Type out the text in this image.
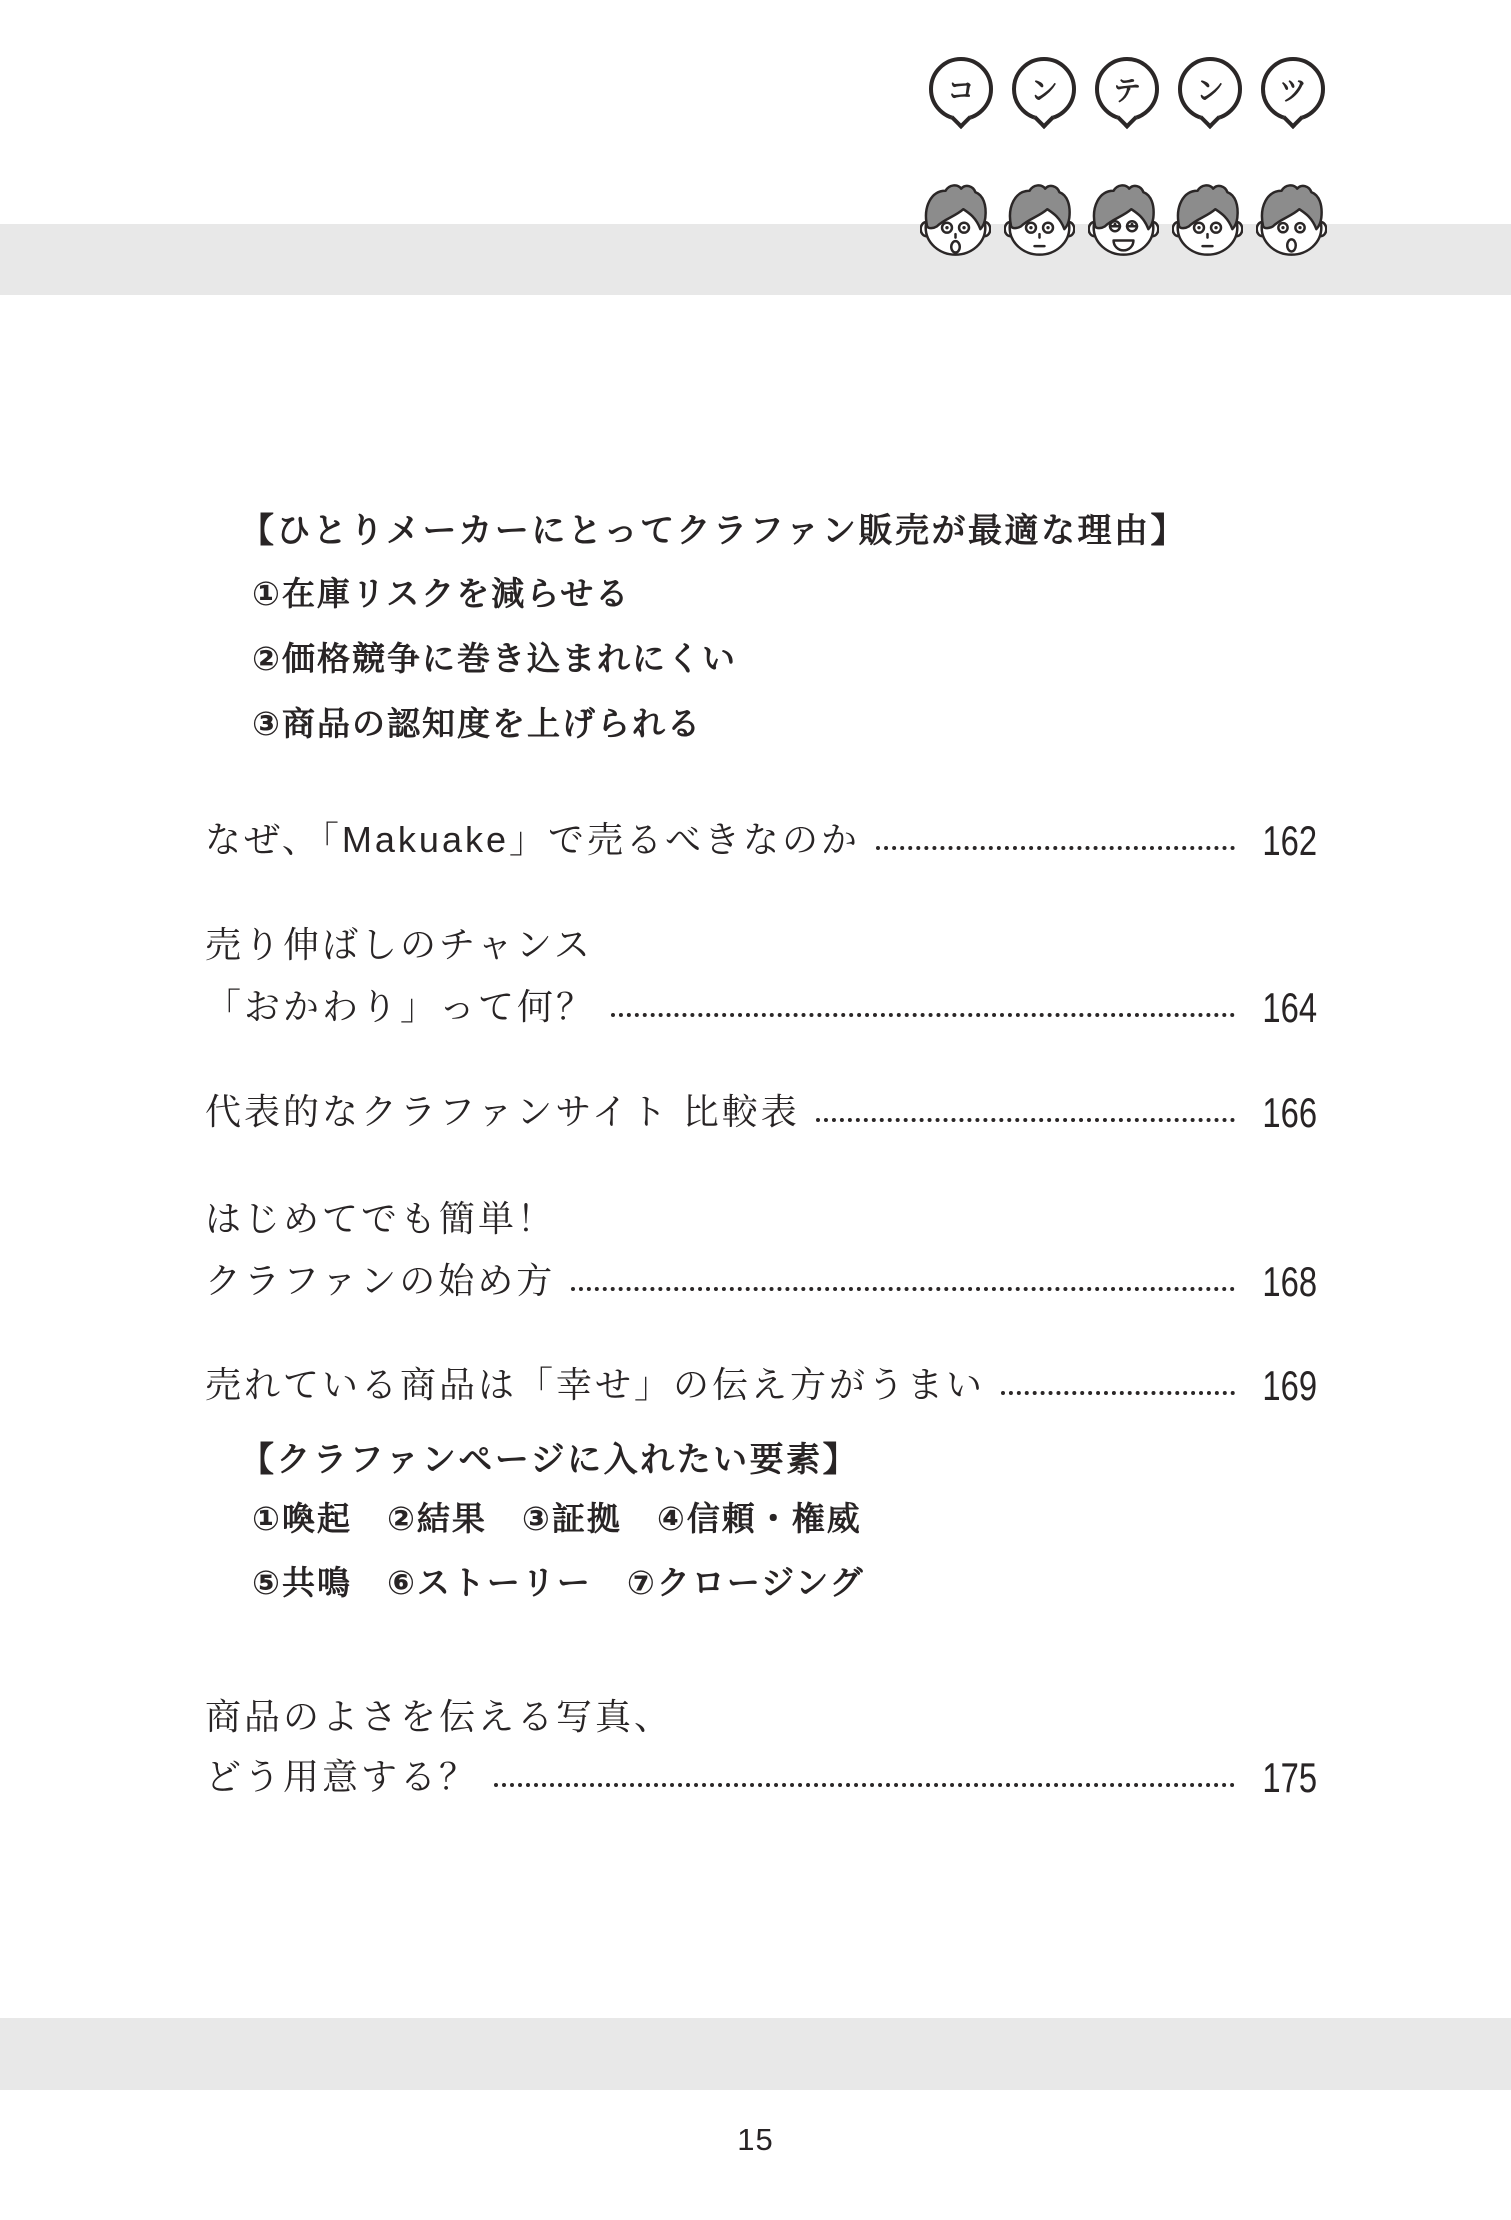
コ ン テ ン ツ
【ひとりメーカーにとってクラファン販売が最適な理由】
①在庫リスクを減らせる
②価格競争に巻き込まれにくい
③商品の認知度を上げられる
なぜ、「Makuake」で売るべきなのか	162
売り伸ばしのチャンス
「おかわり」って何？	164
代表的なクラファンサイト 比較表	166
はじめてでも簡単！
クラファンの始め方	168
売れている商品は「幸せ」の伝え方がうまい	169
【クラファンページに入れたい要素】
①喚起　②結果　③証拠　④信頼・権威
⑤共鳴　⑥ストーリー　⑦クロージング
商品のよさを伝える写真、
どう用意する？	175
15
